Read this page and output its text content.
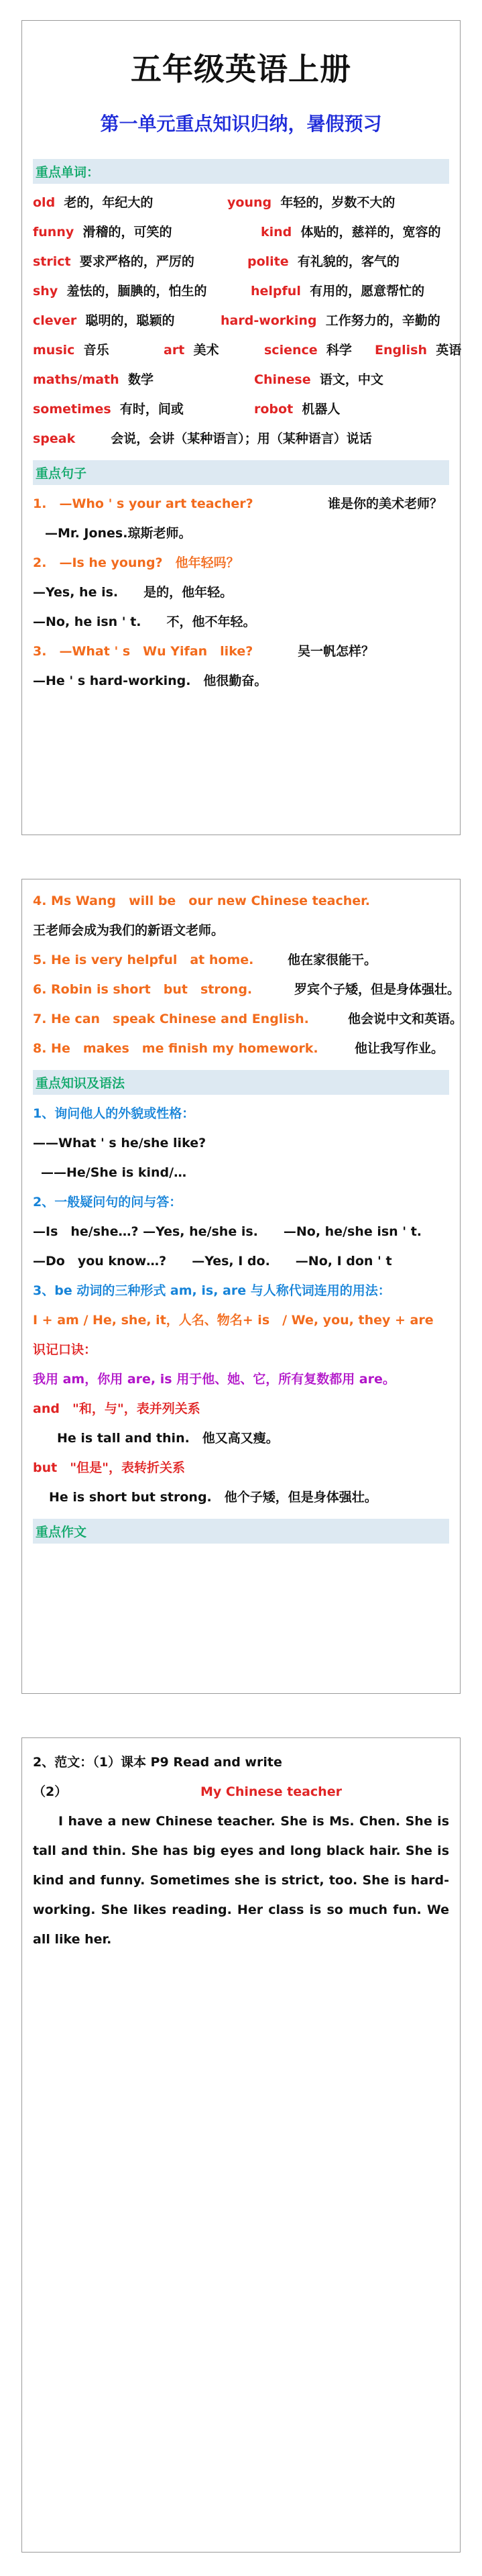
五年级英语上册
第一单元重点知识归纳，暑假预习
重点单词：
old 老的，年纪大的	young 年轻的，岁数不大的

funny 滑稽的，可笑的	kind 体贴的，慈祥的，宽容的

strict 要求严格的，严厉的	polite 有礼貌的，客气的

shy 羞怯的，腼腆的，怕生的	helpful 有用的，愿意帮忙的

clever 聪明的，聪颖的	hard-working 工作努力的，辛勤的

music 音乐	art 美术	science 科学 English 英语

maths/math 数学	Chinese 语文，中文

sometimes 有时，间或	robot 机器人

speak	会说，会讲（某种语言）；用（某种语言）说话
重点句子
1.　—Who ' s your art teacher?	谁是你的美术老师？
—Mr. Jones.琼斯老师。
2.　—Is he young?　他年轻吗？
—Yes, he is.　　是的，他年轻。
—No, he isn ' t.　　不，他不年轻。
3.　—What ' s　Wu Yifan　like?	吴一帆怎样？
—He ' s hard-working.　他很勤奋。
4. Ms Wang　will be　our new Chinese teacher.
王老师会成为我们的新语文老师。
5. He is very helpful　at home.	他在家很能干。
6. Robin is short　but　strong.	罗宾个子矮，但是身体强壮。
7. He can　speak Chinese and English.	他会说中文和英语。
8. He　makes　me finish my homework.	他让我写作业。
重点知识及语法
1、询问他人的外貌或性格：
——What ' s he/she like?
——He/She is kind/…
2、一般疑问句的问与答：
—Is　he/she…? —Yes, he/she is.　　—No, he/she isn ' t.
—Do　you know…?　　—Yes, I do.　　—No, I don ' t
3、be 动词的三种形式 am, is, are 与人称代词连用的用法：
I + am / He, she, it，人名、物名+ is　/ We, you, they + are
识记口诀：
我用 am，你用 are, is 用于他、她、它，所有复数都用 are。
and　"和，与"，表并列关系
He is tall and thin.　他又高又瘦。
but　"但是"，表转折关系
He is short but strong.　他个子矮，但是身体强壮。
重点作文
2、范文：（1）课本 P9 Read and write
（2）	My Chinese teacher
I have a new Chinese teacher. She is Ms. Chen. She is tall and thin. She has big eyes and long black hair. She is kind and funny. Sometimes she is strict, too. She is hard-working. She likes reading. Her class is so much fun. We all like her.
